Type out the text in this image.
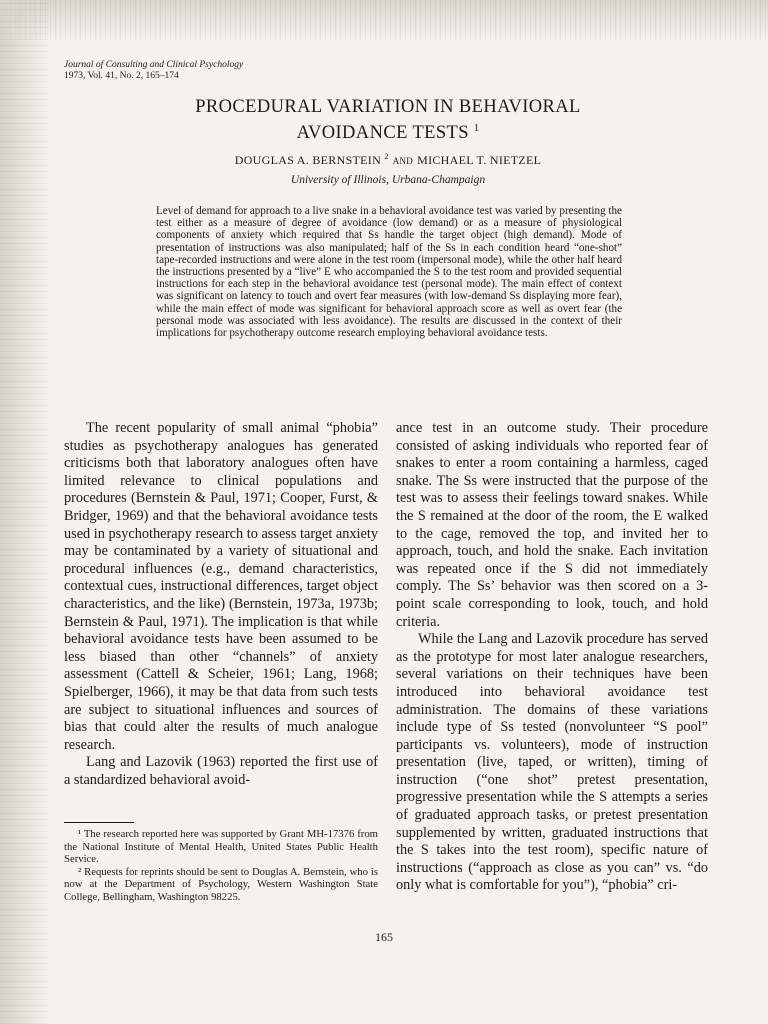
Journal of Consulting and Clinical Psychology
1973, Vol. 41, No. 2, 165–174
PROCEDURAL VARIATION IN BEHAVIORAL
AVOIDANCE TESTS $^1$
DOUGLAS A. BERNSTEIN $^2$ AND MICHAEL T. NIETZEL
University of Illinois, Urbana-Champaign
Level of demand for approach to a live snake in a behavioral avoidance test was varied by presenting the test either as a measure of degree of avoidance (low demand) or as a measure of physiological components of anxiety which required that Ss handle the target object (high demand). Mode of presentation of instructions was also manipulated; half of the Ss in each condition heard “one-shot” tape-recorded instructions and were alone in the test room (impersonal mode), while the other half heard the instructions presented by a “live” E who accompanied the S to the test room and provided sequential instructions for each step in the behavioral avoidance test (personal mode). The main effect of context was significant on latency to touch and overt fear measures (with low-demand Ss displaying more fear), while the main effect of mode was significant for behavioral approach score as well as overt fear (the personal mode was associated with less avoidance). The results are discussed in the context of their implications for psychotherapy outcome research employing behavioral avoidance tests.

The recent popularity of small animal “phobia” studies as psychotherapy analogues has generated criticisms both that laboratory analogues often have limited relevance to clinical populations and procedures (Bernstein & Paul, 1971; Cooper, Furst, & Bridger, 1969) and that the behavioral avoidance tests used in psychotherapy research to assess target anxiety may be contaminated by a variety of situational and procedural influences (e.g., demand characteristics, contextual cues, instructional differences, target object characteristics, and the like) (Bernstein, 1973a, 1973b; Bernstein & Paul, 1971). The implication is that while behavioral avoidance tests have been assumed to be less biased than other “channels” of anxiety assessment (Cattell & Scheier, 1961; Lang, 1968; Spielberger, 1966), it may be that data from such tests are subject to situational influences and sources of bias that could alter the results of much analogue research.

Lang and Lazovik (1963) reported the first use of a standardized behavioral avoid-

¹ The research reported here was supported by Grant MH-17376 from the National Institute of Mental Health, United States Public Health Service.

² Requests for reprints should be sent to Douglas A. Bernstein, who is now at the Department of Psychology, Western Washington State College, Bellingham, Washington 98225.

ance test in an outcome study. Their procedure consisted of asking individuals who reported fear of snakes to enter a room containing a harmless, caged snake. The Ss were instructed that the purpose of the test was to assess their feelings toward snakes. While the S remained at the door of the room, the E walked to the cage, removed the top, and invited her to approach, touch, and hold the snake. Each invitation was repeated once if the S did not immediately comply. The Ss’ behavior was then scored on a 3-point scale corresponding to look, touch, and hold criteria.

While the Lang and Lazovik procedure has served as the prototype for most later analogue researchers, several variations on their techniques have been introduced into behavioral avoidance test administration. The domains of these variations include type of Ss tested (nonvolunteer “S pool” participants vs. volunteers), mode of instruction presentation (live, taped, or written), timing of instruction (“one shot” pretest presentation, progressive presentation while the S attempts a series of graduated approach tasks, or pretest presentation supplemented by written, graduated instructions that the S takes into the test room), specific nature of instructions (“approach as close as you can” vs. “do only what is comfortable for you”), “phobia” cri-

165
